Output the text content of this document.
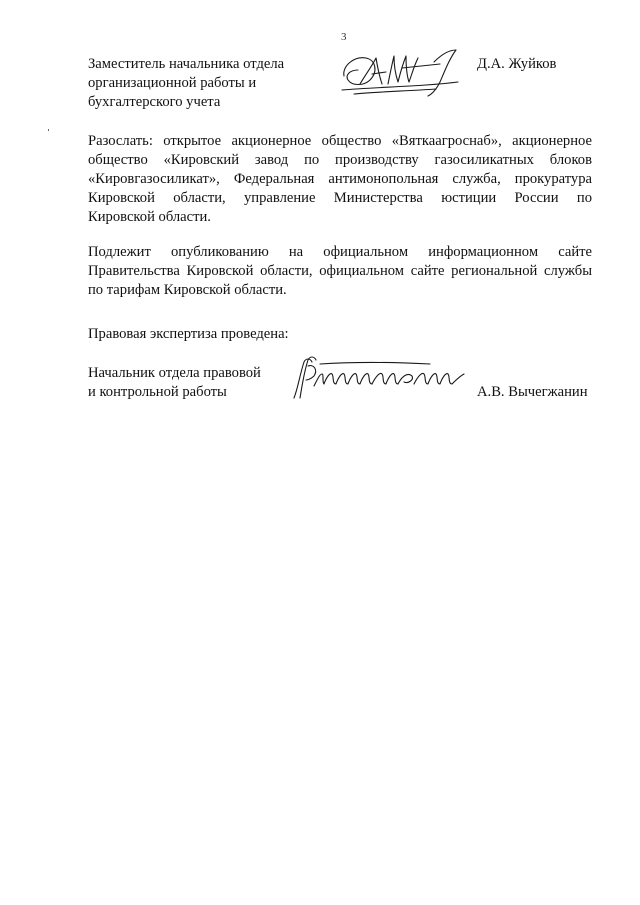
3
Заместитель начальника отдела
организационной работы и
бухгалтерского учета
Д.А. Жуйков
Разослать: открытое акционерное общество «Вяткаагроснаб», акционерное
общество «Кировский завод по производству газосиликатных блоков
«Кировгазосиликат», Федеральная антимонопольная служба, прокуратура
Кировской области, управление Министерства юстиции России по
Кировской области.
Подлежит опубликованию на официальном информационном сайте
Правительства Кировской области, официальном сайте региональной службы
по тарифам Кировской области.
Правовая экспертиза проведена:
Начальник отдела правовой
и контрольной работы	А.В. Вычегжанин
